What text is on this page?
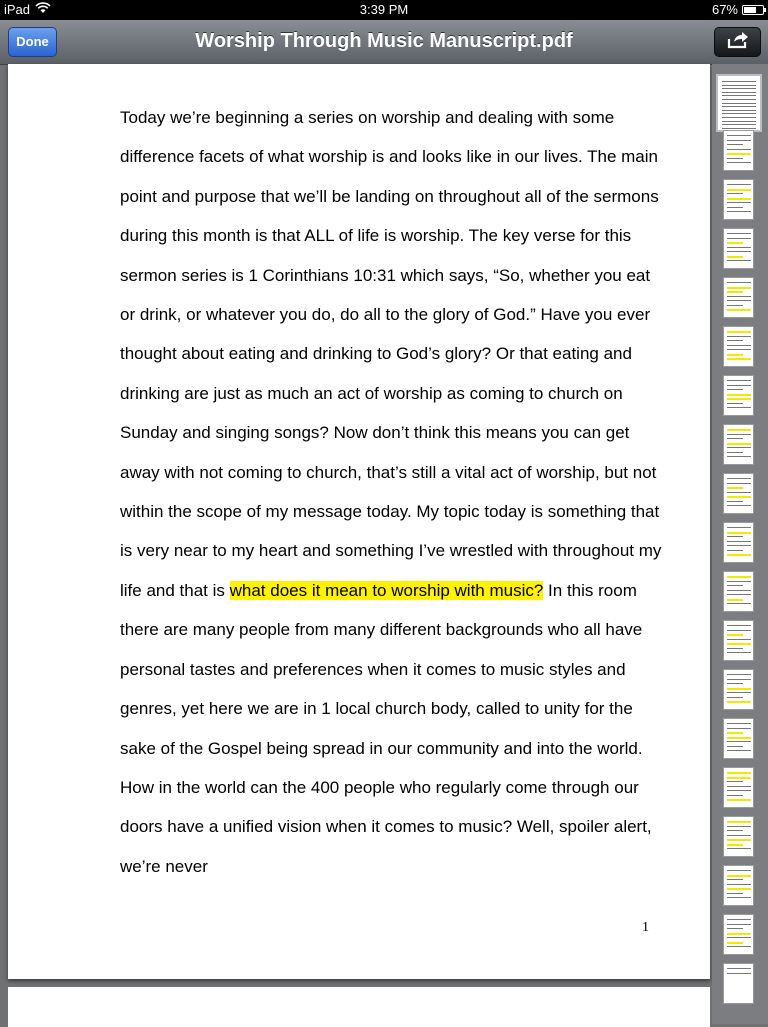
iPad	3:39 PM	67%
Done	Worship Through Music Manuscript.pdf

Today we’re beginning a series on worship and dealing with some difference facets of what worship is and looks like in our lives. The main point and purpose that we’ll be landing on throughout all of the sermons during this month is that ALL of life is worship. The key verse for this sermon series is 1 Corinthians 10:31 which says, “So, whether you eat or drink, or whatever you do, do all to the glory of God.” Have you ever thought about eating and drinking to God’s glory? Or that eating and drinking are just as much an act of worship as coming to church on Sunday and singing songs? Now don’t think this means you can get away with not coming to church, that’s still a vital act of worship, but not within the scope of my message today. My topic today is something that is very near to my heart and something I’ve wrestled with throughout my life and that is what does it mean to worship with music? In this room there are many people from many different backgrounds who all have personal tastes and preferences when it comes to music styles and genres, yet here we are in 1 local church body, called to unity for the sake of the Gospel being spread in our community and into the world. How in the world can the 400 people who regularly come through our doors have a unified vision when it comes to music? Well, spoiler alert, we’re never

1
